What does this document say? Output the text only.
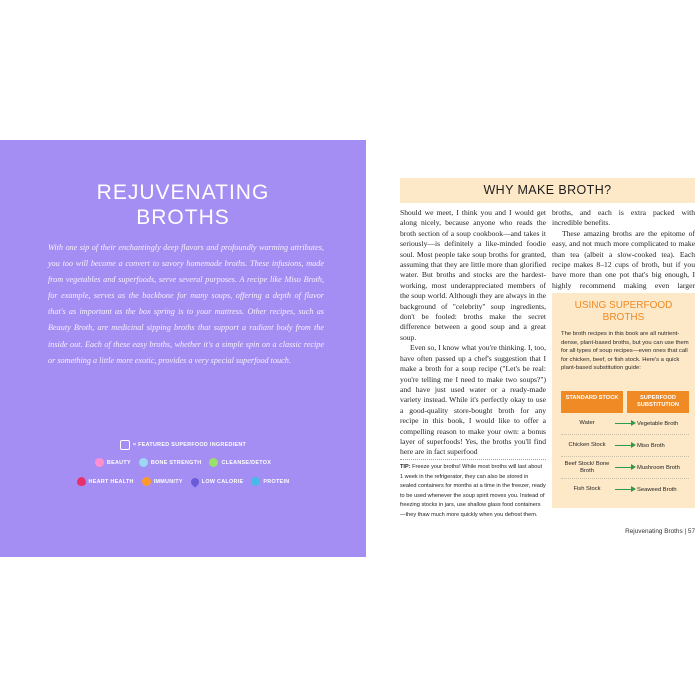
REJUVENATING
BROTHS
With one sip of their enchantingly deep flavors and profoundly warming attributes, you too will become a convert to savory homemade broths. These infusions, made from vegetables and superfoods, serve several purposes. A recipe like Miso Broth, for example, serves as the backbone for many soups, offering a depth of flavor that's as important as the box spring is to your mattress. Other recipes, such as Beauty Broth, are medicinal sipping broths that support a radiant body from the inside out. Each of these easy broths, whether it's a simple spin on a classic recipe or something a little more exotic, provides a very special superfood touch.
= FEATURED SUPERFOOD INGREDIENT
BEAUTY	BONE STRENGTH	CLEANSE/DETOX
HEART HEALTH	IMMUNITY	LOW CALORIE	PROTEIN
WHY MAKE BROTH?

Should we meet, I think you and I would get along nicely, because anyone who reads the broth section of a soup cookbook—and takes it seriously—is definitely a like-minded foodie soul. Most people take soup broths for granted, assuming that they are little more than glorified water. But broths and stocks are the hardest-working, most underappreciated members of the soup world. Although they are always in the background of "celebrity" soup ingredients, don't be fooled: broths make the secret difference between a good soup and a great soup.

Even so, I know what you're thinking. I, too, have often passed up a chef's suggestion that I make a broth for a soup recipe ("Let's be real: you're telling me I need to make two soups?") and have just used water or a ready-made variety instead. While it's perfectly okay to use a good-quality store-bought broth for any recipe in this book, I would like to offer a compelling reason to make your own: a bonus layer of superfoods! Yes, the broths you'll find here are in fact superfood

broths, and each is extra packed with incredible benefits.

These amazing broths are the epitome of easy, and not much more complicated to make than tea (albeit a slow-cooked tea). Each recipe makes 8–12 cups of broth, but if you have more than one pot that's big enough, I highly recommend making even larger

TIP: Freeze your broths! While most broths will last about 1 week in the refrigerator, they can also be stored in sealed containers for months at a time in the freezer, ready to be used whenever the soup spirit moves you. Instead of freezing stocks in jars, use shallow glass food containers—they thaw much more quickly when you defrost them.
USING SUPERFOOD
BROTHS
The broth recipes in this book are all nutrient-dense, plant-based broths, but you can use them for all types of soup recipes—even ones that call for chicken, beef, or fish stock. Here's a quick plant-based substitution guide:
STANDARD STOCK	SUPERFOOD SUBSTITUTION
Water	Vegetable Broth
Chicken Stock	Miso Broth
Beef Stock/ Bone Broth	Mushroom Broth
Fish Stock	Seaweed Broth
Rejuvenating Broths | 57
